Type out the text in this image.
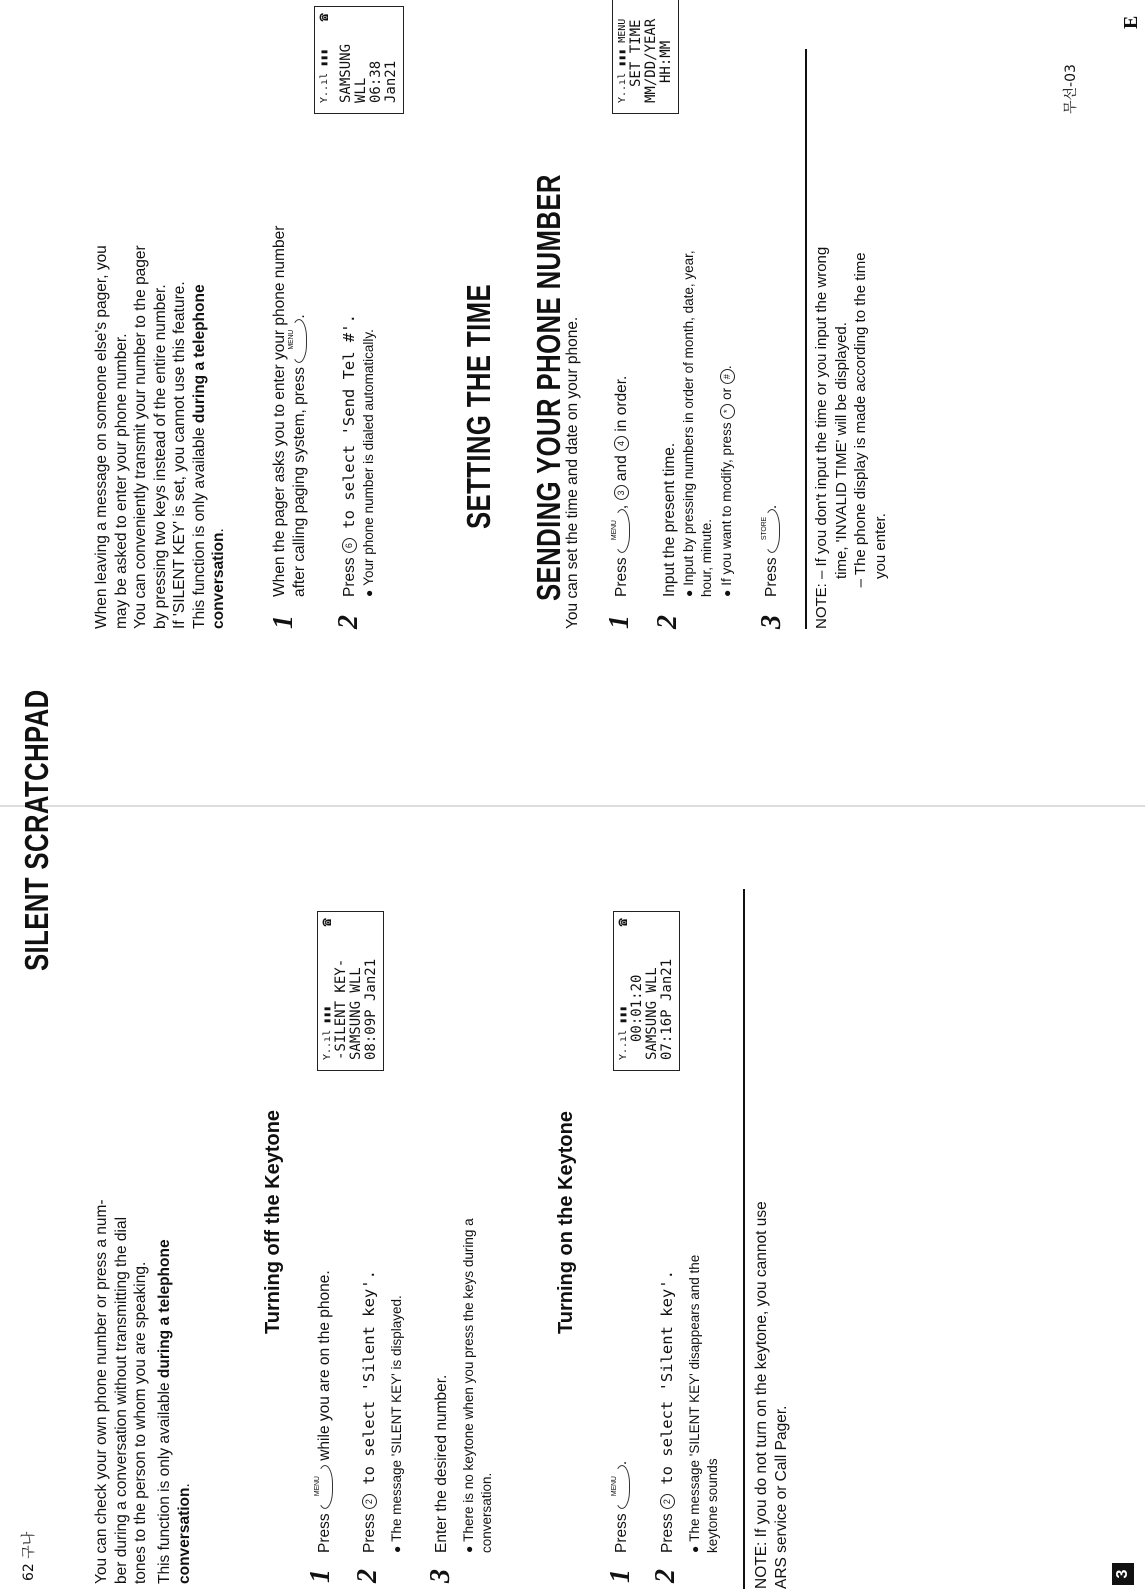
62 구나
SILENT SCRATCHPAD
You can check your own phone number or press a num-
ber during a conversation without transmitting the dial
tones to the person to whom you are speaking.
This function is only available during a telephone
conversation.
Turning off the Keytone
1
Press
MENU
while you are on the phone.
2
Press 2 to select 'Silent key'. ● The message 'SILENT KEY' is displayed.
3
Enter the desired number. ● There is no keytone when you press the keys during a
conversation.
Y..ıl ▮▮▮
☎
-SILENT KEY- SAMSUNG WLL 08:09P Jan21
Turning on the Keytone
1
Press
MENU
.
2
Press 2 to select 'Silent key'.
● The message 'SILENT KEY' disappears and the
keytone sounds
Y..ıl ▮▮▮
☎
00:01:20 SAMSUNG WLL 07:16P Jan21
NOTE: If you do not turn on the keytone, you cannot use
ARS service or Call Pager.
3
SENDING YOUR PHONE NUMBER
When leaving a message on someone else's pager, you
may be asked to enter your phone number.
You can conveniently transmit your number to the pager
by pressing two keys instead of the entire number.
If 'SILENT KEY' is set, you cannot use this feature.
This function is only available during a telephone
conversation.
1
When the pager asks you to enter your phone number
after calling paging system, press
MENU
.
2
Press 6 to select 'Send Tel #'. ● Your phone number is dialed automatically.
Y..ıl ▮▮▮
☎
SAMSUNG WLL 06:38 Jan21
SETTING THE TIME	You can set the time and date on your phone. 1
Press
MENU
, 3 and 4 in order.
2
Input the present time. ● Input by pressing numbers in order of month, date, year,
hour, minute. ● If you want to modify, press * or #.
3
Press
STORE
.
Y..ıl ▮▮▮ MENU SET TIME MM/DD/YEAR HH:MM
NOTE: – If you don't input the time or you input the wrong
time, 'INVALID TIME' will be displayed.
– The phone display is made according to the time
you enter.
무선-03
E
